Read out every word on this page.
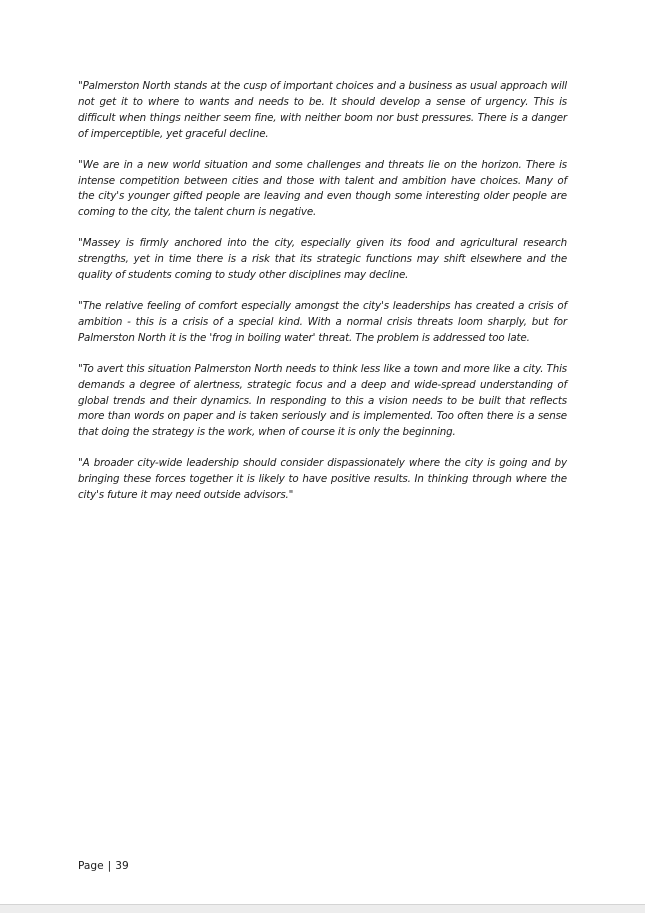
"Palmerston North stands at the cusp of important choices and a business as usual approach will not get it to where to wants and needs to be. It should develop a sense of urgency. This is difficult when things neither seem fine, with neither boom nor bust pressures. There is a danger of imperceptible, yet graceful decline.

"We are in a new world situation and some challenges and threats lie on the horizon. There is intense competition between cities and those with talent and ambition have choices. Many of the city's younger gifted people are leaving and even though some interesting older people are coming to the city, the talent churn is negative.

"Massey is firmly anchored into the city, especially given its food and agricultural research strengths, yet in time there is a risk that its strategic functions may shift elsewhere and the quality of students coming to study other disciplines may decline.

"The relative feeling of comfort especially amongst the city's leaderships has created a crisis of ambition - this is a crisis of a special kind. With a normal crisis threats loom sharply, but for Palmerston North it is the 'frog in boiling water' threat. The problem is addressed too late.

"To avert this situation Palmerston North needs to think less like a town and more like a city. This demands a degree of alertness, strategic focus and a deep and wide-spread understanding of global trends and their dynamics. In responding to this a vision needs to be built that reflects more than words on paper and is taken seriously and is implemented. Too often there is a sense that doing the strategy is the work, when of course it is only the beginning.

"A broader city-wide leadership should consider dispassionately where the city is going and by bringing these forces together it is likely to have positive results. In thinking through where the city's future it may need outside advisors."

Page | 39
